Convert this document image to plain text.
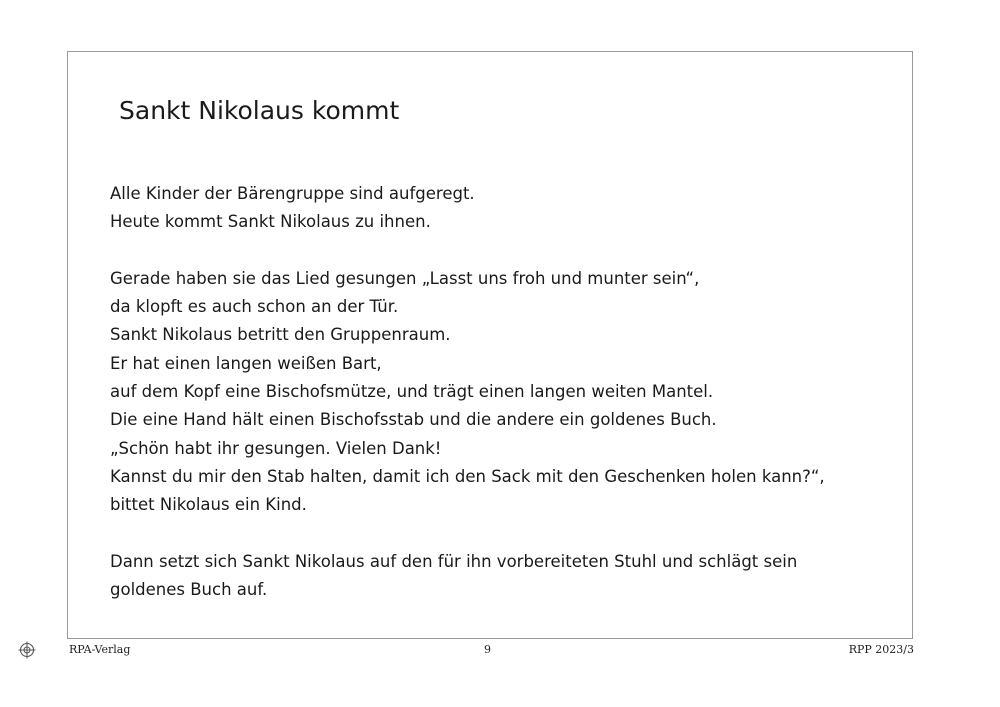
Sankt Nikolaus kommt

Alle Kinder der Bärengruppe sind aufgeregt.
Heute kommt Sankt Nikolaus zu ihnen.

Gerade haben sie das Lied gesungen „Lasst uns froh und munter sein“,
da klopft es auch schon an der Tür.
Sankt Nikolaus betritt den Gruppenraum.
Er hat einen langen weißen Bart,
auf dem Kopf eine Bischofsmütze, und trägt einen langen weiten Mantel.
Die eine Hand hält einen Bischofsstab und die andere ein goldenes Buch.
„Schön habt ihr gesungen. Vielen Dank!
Kannst du mir den Stab halten, damit ich den Sack mit den Geschenken holen kann?“,
bittet Nikolaus ein Kind.

Dann setzt sich Sankt Nikolaus auf den für ihn vorbereiteten Stuhl und schlägt sein
goldenes Buch auf.

RPA-Verlag	9	RPP 2023/3
